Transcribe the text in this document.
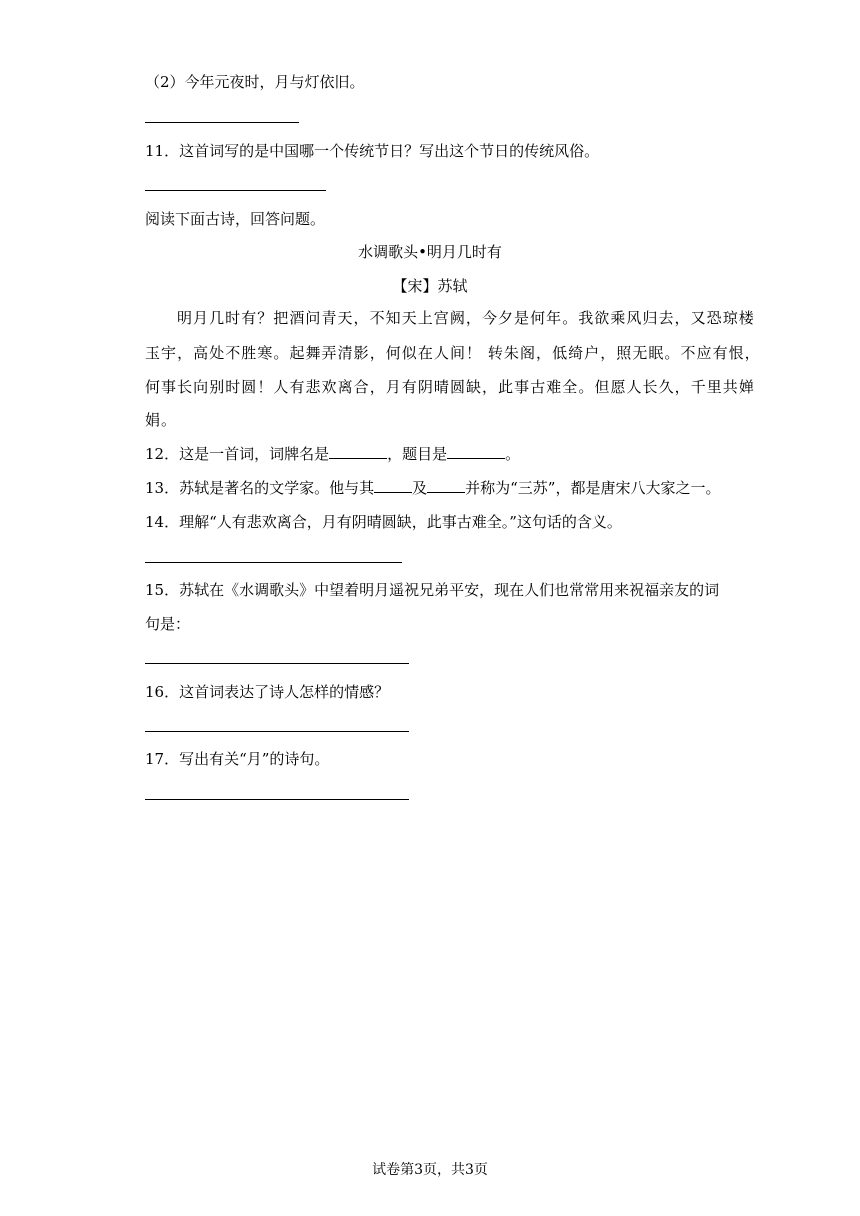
（2）今年元夜时，月与灯依旧。
11．这首词写的是中国哪一个传统节日？写出这个节日的传统风俗。
阅读下面古诗，回答问题。
水调歌头•明月几时有
【宋】苏轼
明月几时有？把酒问青天，不知天上宫阙，今夕是何年。我欲乘风归去，又恐琼楼
玉宇，高处不胜寒。起舞弄清影，何似在人间！ 转朱阁，低绮户，照无眠。不应有恨，
何事长向别时圆！人有悲欢离合，月有阴晴圆缺，此事古难全。但愿人长久，千里共婵
娟。
12．这是一首词，词牌名是	，题目是	。
13．苏轼是著名的文学家。他与其	及	并称为“三苏”，都是唐宋八大家之一。
14．理解“人有悲欢离合，月有阴晴圆缺，此事古难全。”这句话的含义。
15．苏轼在《水调歌头》中望着明月遥祝兄弟平安，现在人们也常常用来祝福亲友的词
句是：
16．这首词表达了诗人怎样的情感？
17．写出有关“月”的诗句。
试卷第3页，共3页
